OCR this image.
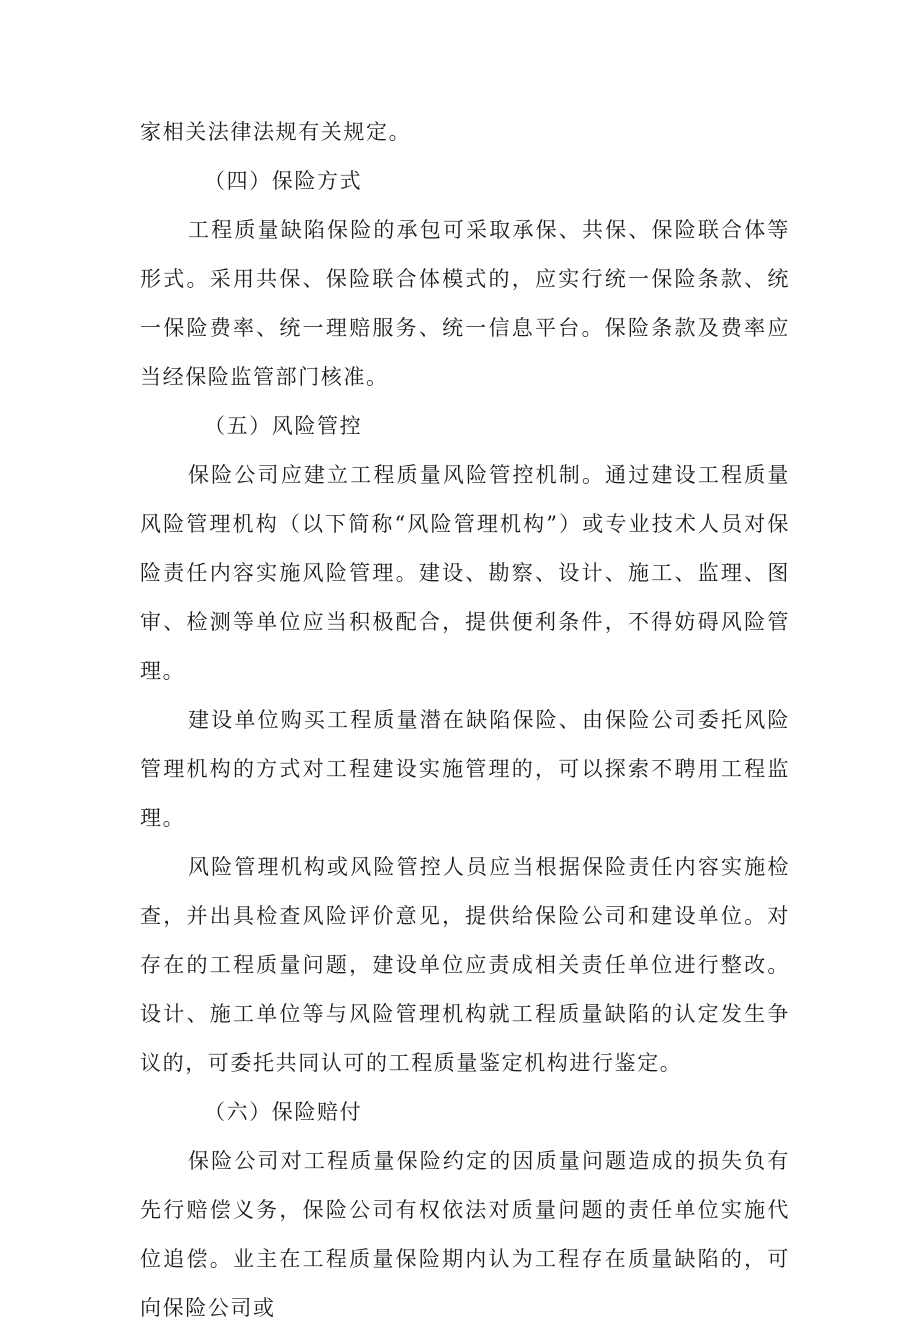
家相关法律法规有关规定。

（四）保险方式

工程质量缺陷保险的承包可采取承保、共保、保险联合体等形式。采用共保、保险联合体模式的，应实行统一保险条款、统一保险费率、统一理赔服务、统一信息平台。保险条款及费率应当经保险监管部门核准。

（五）风险管控

保险公司应建立工程质量风险管控机制。通过建设工程质量风险管理机构（以下简称“风险管理机构”）或专业技术人员对保险责任内容实施风险管理。建设、勘察、设计、施工、监理、图审、检测等单位应当积极配合，提供便利条件，不得妨碍风险管理。

建设单位购买工程质量潜在缺陷保险、由保险公司委托风险管理机构的方式对工程建设实施管理的，可以探索不聘用工程监理。

风险管理机构或风险管控人员应当根据保险责任内容实施检查，并出具检查风险评价意见，提供给保险公司和建设单位。对存在的工程质量问题，建设单位应责成相关责任单位进行整改。设计、施工单位等与风险管理机构就工程质量缺陷的认定发生争议的，可委托共同认可的工程质量鉴定机构进行鉴定。

（六）保险赔付

保险公司对工程质量保险约定的因质量问题造成的损失负有先行赔偿义务，保险公司有权依法对质量问题的责任单位实施代位追偿。业主在工程质量保险期内认为工程存在质量缺陷的，可向保险公司或
